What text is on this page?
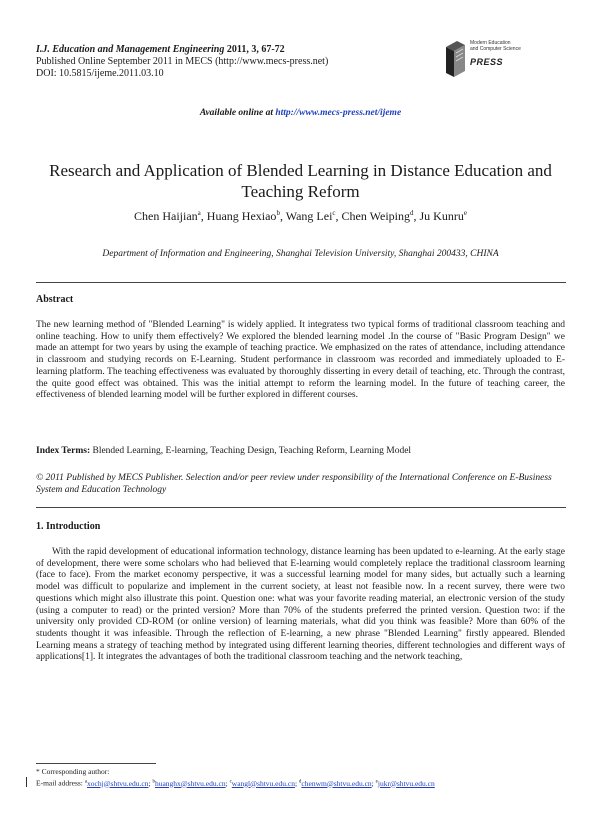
I.J. Education and Management Engineering 2011, 3, 67-72
Published Online September 2011 in MECS (http://www.mecs-press.net)
DOI: 10.5815/ijeme.2011.03.10
Modern Education
and Computer Science
PRESS
Available online at http://www.mecs-press.net/ijeme
Research and Application of Blended Learning in Distance Education and Teaching Reform
Chen Haijian$^a$, Huang Hexiao$^b$, Wang Lei$^c$, Chen Weiping$^d$, Ju Kunru$^e$
Department of Information and Engineering, Shanghai Television University, Shanghai 200433, CHINA
Abstract
The new learning method of "Blended Learning" is widely applied. It integratess two typical forms of traditional classroom teaching and online teaching. How to unify them effectively? We explored the blended learning model .In the course of "Basic Program Design" we made an attempt for two years by using the example of teaching practice. We emphasized on the rates of attendance, including attendance in classroom and studying records on E-Learning. Student performance in classroom was recorded and immediately uploaded to E-learning platform. The teaching effectiveness was evaluated by thoroughly disserting in every detail of teaching, etc. Through the contrast, the quite good effect was obtained. This was the initial attempt to reform the learning model. In the future of teaching career, the effectiveness of blended learning model will be further explored in different courses.
Index Terms: Blended Learning, E-learning, Teaching Design, Teaching Reform, Learning Model
© 2011 Published by MECS Publisher. Selection and/or peer review under responsibility of the International Conference on E-Business System and Education Technology
1. Introduction
With the rapid development of educational information technology, distance learning has been updated to e-learning. At the early stage of development, there were some scholars who had believed that E-learning would completely replace the traditional classroom learning (face to face). From the market economy perspective, it was a successful learning model for many sides, but actually such a learning model was difficult to popularize and implement in the current society, at least not feasible now. In a recent survey, there were two questions which might also illustrate this point. Question one: what was your favorite reading material, an electronic version of the study (using a computer to read) or the printed version? More than 70% of the students preferred the printed version. Question two: if the university only provided CD-ROM (or online version) of learning materials, what did you think was feasible? More than 60% of the students thought it was infeasible. Through the reflection of E-learning, a new phrase "Blended Learning" firstly appeared. Blended Learning means a strategy of teaching method by integrated using different learning theories, different technologies and different ways of applications[1]. It integrates the advantages of both the traditional classroom teaching and the network teaching,
* Corresponding author:
E-mail address: $^a$xochj@shtvu.edu.cn; $^b$huanghx@shtvu.edu.cn; $^c$wangl@shtvu.edu.cn; $^d$chenwm@shtvu.edu.cn; $^e$jukr@shtvu.edu.cn
